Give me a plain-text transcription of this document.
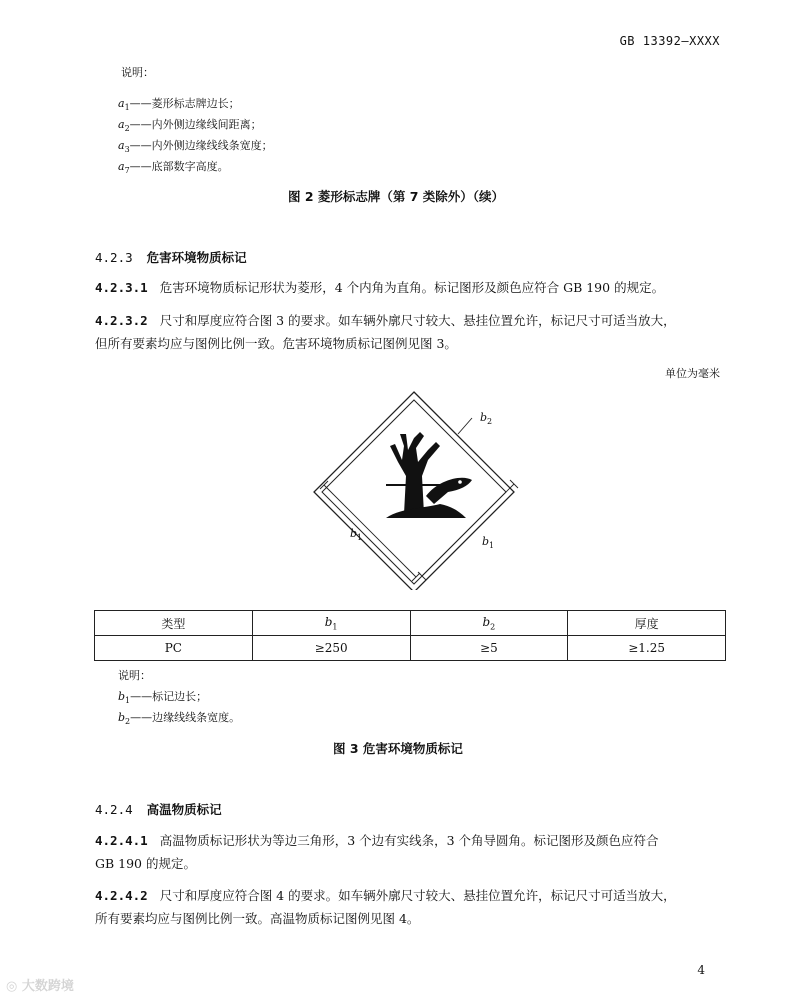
GB 13392—XXXX
说明：
$a_1——$菱形标志牌边长；
$a_2——$内外侧边缘线间距离；
$a_3——$内外侧边缘线线条宽度；
$a_7——$底部数字高度。
图 2 菱形标志牌（第 7 类除外）（续）
4.2.3 危害环境物质标记
4.2.3.1 危害环境物质标记形状为菱形，4 个内角为直角。标记图形及颜色应符合 GB 190 的规定。
4.2.3.2 尺寸和厚度应符合图 3 的要求。如车辆外廓尺寸较大、悬挂位置允许，标记尺寸可适当放大，
但所有要素均应与图例比例一致。危害环境物质标记图例见图 3。
单位为毫米
$b_2$
$b_1$	$b_1$
类型	$b_1$	$b_2$	厚度
PC	≥250	≥5	≥1.25
说明：
$b_1——$标记边长；
$b_2——$边缘线线条宽度。
图 3 危害环境物质标记
4.2.4 高温物质标记
4.2.4.1 高温物质标记形状为等边三角形，3 个边有实线条，3 个角导圆角。标记图形及颜色应符合
GB 190 的规定。
4.2.4.2 尺寸和厚度应符合图 4 的要求。如车辆外廓尺寸较大、悬挂位置允许，标记尺寸可适当放大，
所有要素均应与图例比例一致。高温物质标记图例见图 4。
4
◎ 大数跨境
